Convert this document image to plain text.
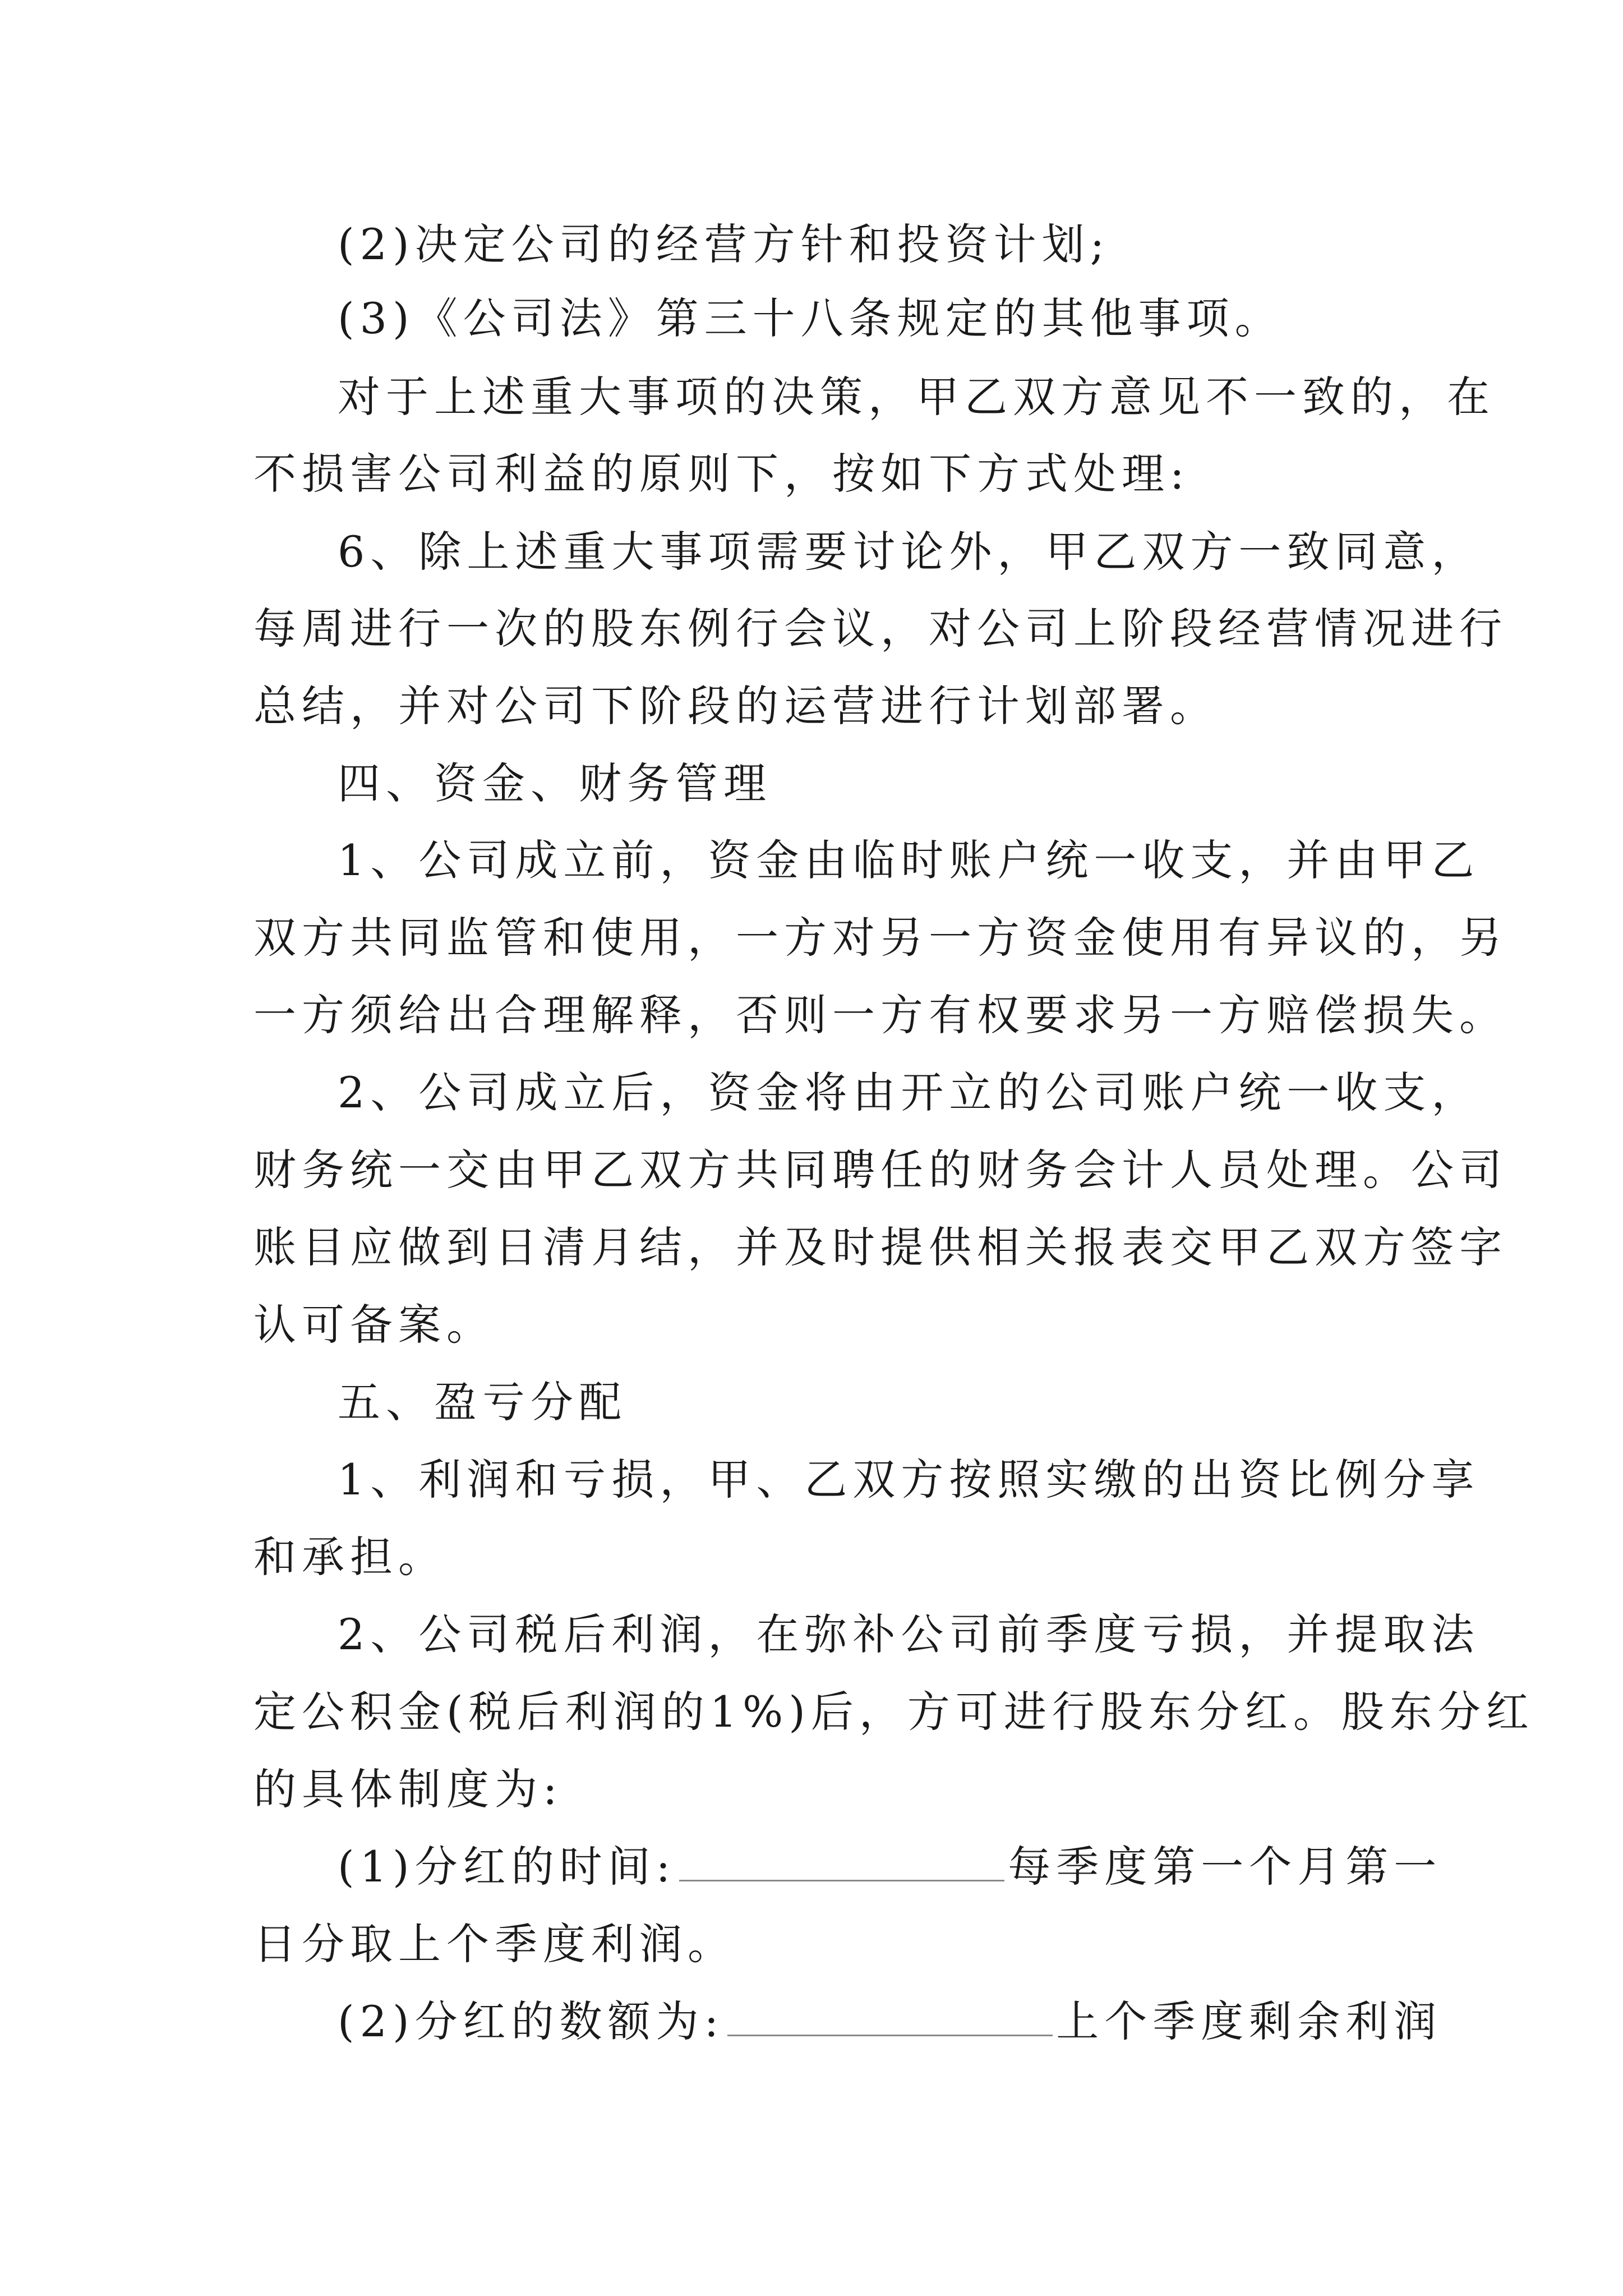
(2)决定公司的经营方针和投资计划;
(3)《公司法》第三十八条规定的其他事项。
对于上述重大事项的决策，甲乙双方意见不一致的，在
不损害公司利益的原则下，按如下方式处理:
6、除上述重大事项需要讨论外，甲乙双方一致同意，
每周进行一次的股东例行会议，对公司上阶段经营情况进行
总结，并对公司下阶段的运营进行计划部署。
四、资金、财务管理
1、公司成立前，资金由临时账户统一收支，并由甲乙
双方共同监管和使用，一方对另一方资金使用有异议的，另
一方须给出合理解释，否则一方有权要求另一方赔偿损失。
2、公司成立后，资金将由开立的公司账户统一收支，
财务统一交由甲乙双方共同聘任的财务会计人员处理。公司
账目应做到日清月结，并及时提供相关报表交甲乙双方签字
认可备案。
五、盈亏分配
1、利润和亏损，甲、乙双方按照实缴的出资比例分享
和承担。
2、公司税后利润，在弥补公司前季度亏损，并提取法
定公积金(税后利润的1%)后，方可进行股东分红。股东分红
的具体制度为:
(1)分红的时间:	每季度第一个月第一
日分取上个季度利润。
(2)分红的数额为:	上个季度剩余利润
